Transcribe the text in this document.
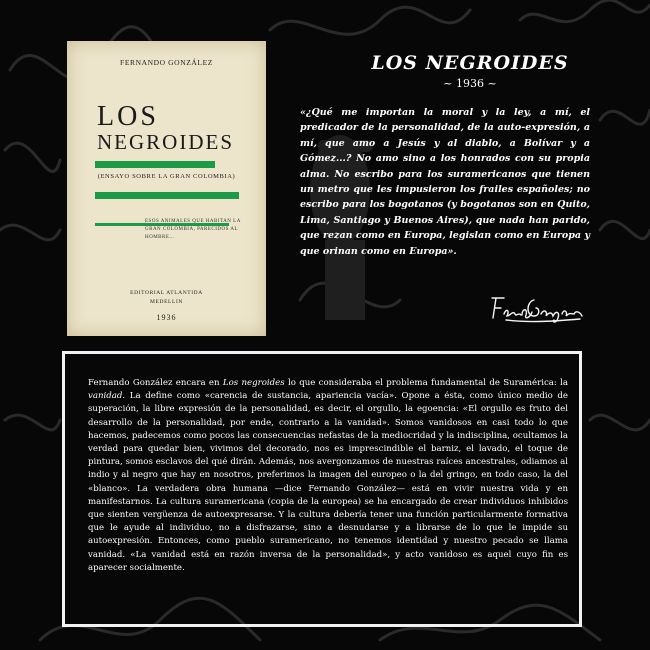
FERNANDO GONZÁLEZ
LOS
NEGROIDES
(ENSAYO SOBRE LA GRAN COLOMBIA)
ESOS ANIMALES QUE HABITAN LA GRAN COLOMBIA, PARECIDOS AL HOMBRE...
EDITORIAL ATLANTIDA
MEDELLIN
1936
LOS NEGROIDES
~ 1936 ~
«¿Qué me importan la moral y la ley, a mí, el predicador de la personalidad, de la auto-expresión, a mí, que amo a Jesús y al diablo, a Bolívar y a Gómez...? No amo sino a los honrados con su propia alma. No escribo para los suramericanos que tienen un metro que les impusieron los frailes españoles; no escribo para los bogotanos (y bogotanos son en Quito, Lima, Santiago y Buenos Aires), que nada han parido, que rezan como en Europa, legislan como en Europa y que orinan como en Europa».

Fernando González encara en Los negroides lo que consideraba el problema fundamental de Suramérica: la vanidad. La define como «carencia de sustancia, apariencia vacía». Opone a ésta, como único medio de superación, la libre expresión de la personalidad, es decir, el orgullo, la egoencia: «El orgullo es fruto del desarrollo de la personalidad, por ende, contrario a la vanidad». Somos vanidosos en casi todo lo que hacemos, padecemos como pocos las consecuencias nefastas de la mediocridad y la indisciplina, ocultamos la verdad para quedar bien, vivimos del decorado, nos es imprescindible el barniz, el lavado, el toque de pintura, somos esclavos del qué dirán. Además, nos avergonzamos de nuestras raíces ancestrales, odiamos al indio y al negro que hay en nosotros, preferimos la imagen del europeo o la del gringo, en todo caso, la del «blanco». La verdadera obra humana —dice Fernando González— está en vivir nuestra vida y en manifestarnos. La cultura suramericana (copia de la europea) se ha encargado de crear individuos inhibidos que sienten vergüenza de autoexpresarse. Y la cultura debería tener una función particularmente formativa que le ayude al individuo, no a disfrazarse, sino a desnudarse y a librarse de lo que le impide su autoexpresión. Entonces, como pueblo suramericano, no tenemos identidad y nuestro pecado se llama vanidad. «La vanidad está en razón inversa de la personalidad», y acto vanidoso es aquel cuyo fin es aparecer socialmente.
